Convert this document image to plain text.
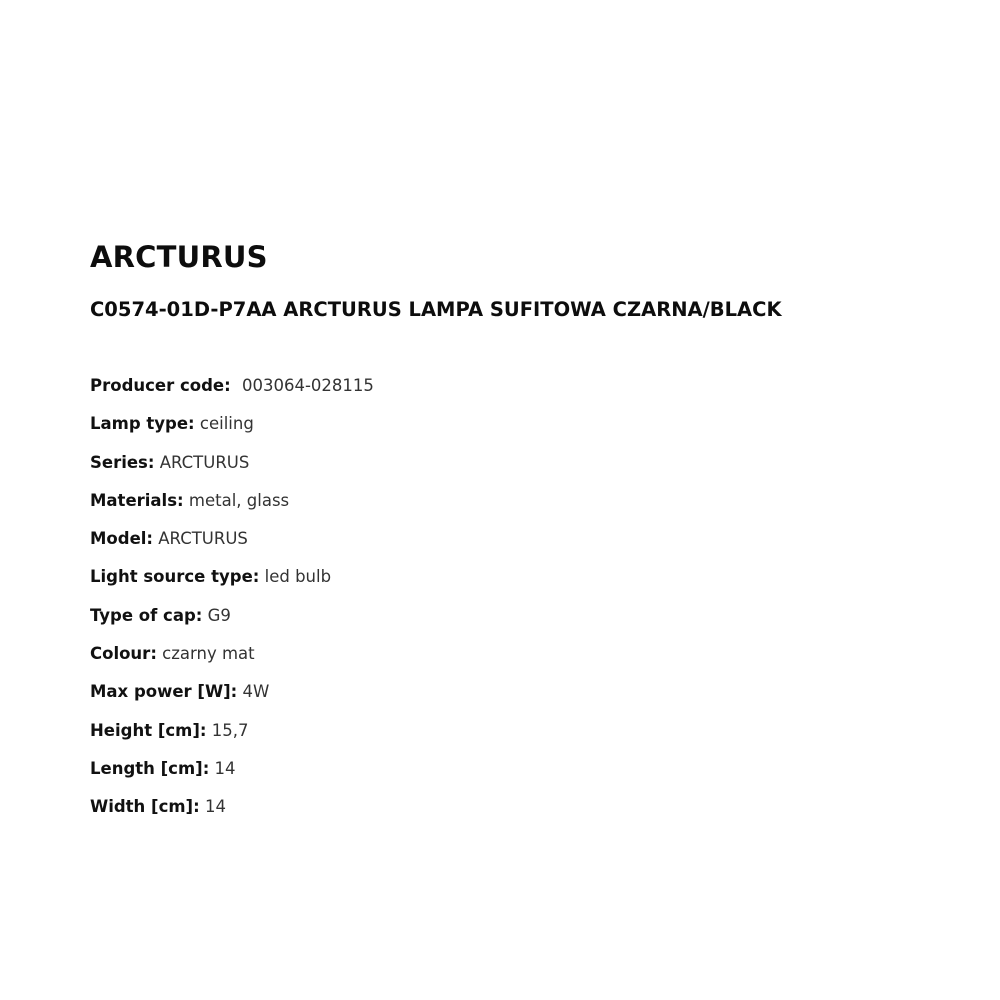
ARCTURUS
C0574-01D-P7AA ARCTURUS LAMPA SUFITOWA CZARNA/BLACK
Producer code: 003064-028115
Lamp type: ceiling
Series: ARCTURUS
Materials: metal, glass
Model: ARCTURUS
Light source type: led bulb
Type of cap: G9
Colour: czarny mat
Max power [W]: 4W
Height [cm]: 15,7
Length [cm]: 14
Width [cm]: 14
